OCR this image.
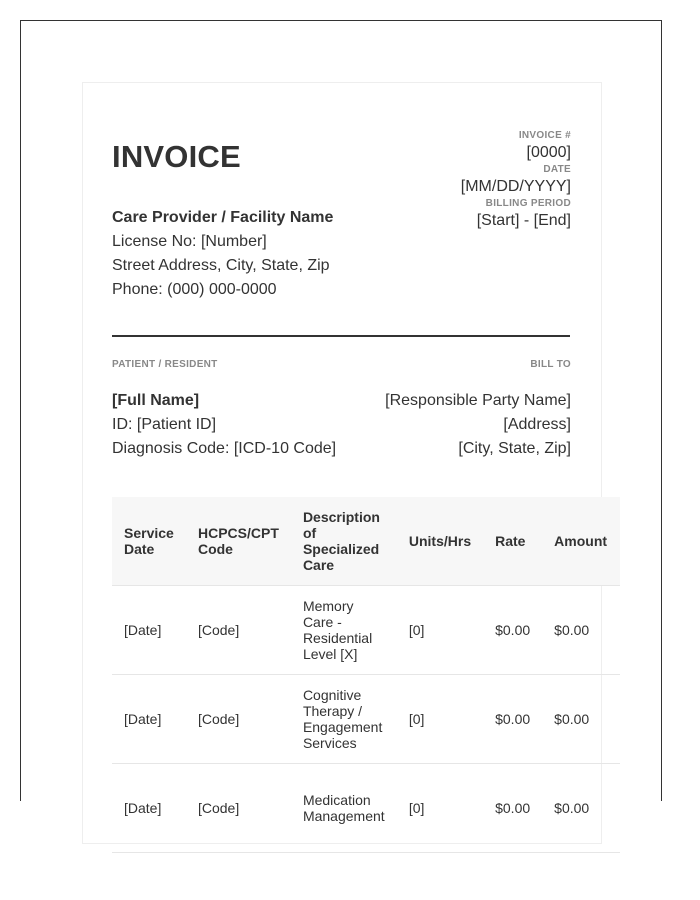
INVOICE
Care Provider / Facility Name
License No: [Number]
Street Address, City, State, Zip
Phone: (000) 000-0000
INVOICE #
[0000]
DATE
[MM/DD/YYYY]
BILLING PERIOD
[Start] - [End]
PATIENT / RESIDENT	BILL TO
[Full Name]
ID: [Patient ID]
Diagnosis Code: [ICD-10 Code]
[Responsible Party Name]
[Address]
[City, State, Zip]
Service Date	HCPCS/CPT Code	Description of Specialized Care	Units/Hrs	Rate	Amount
[Date]	[Code]	Memory Care - Residential Level [X]	[0]	$0.00	$0.00
[Date]	[Code]	Cognitive Therapy / Engagement Services	[0]	$0.00	$0.00
[Date]	[Code]	Medication Management	[0]	$0.00	$0.00
